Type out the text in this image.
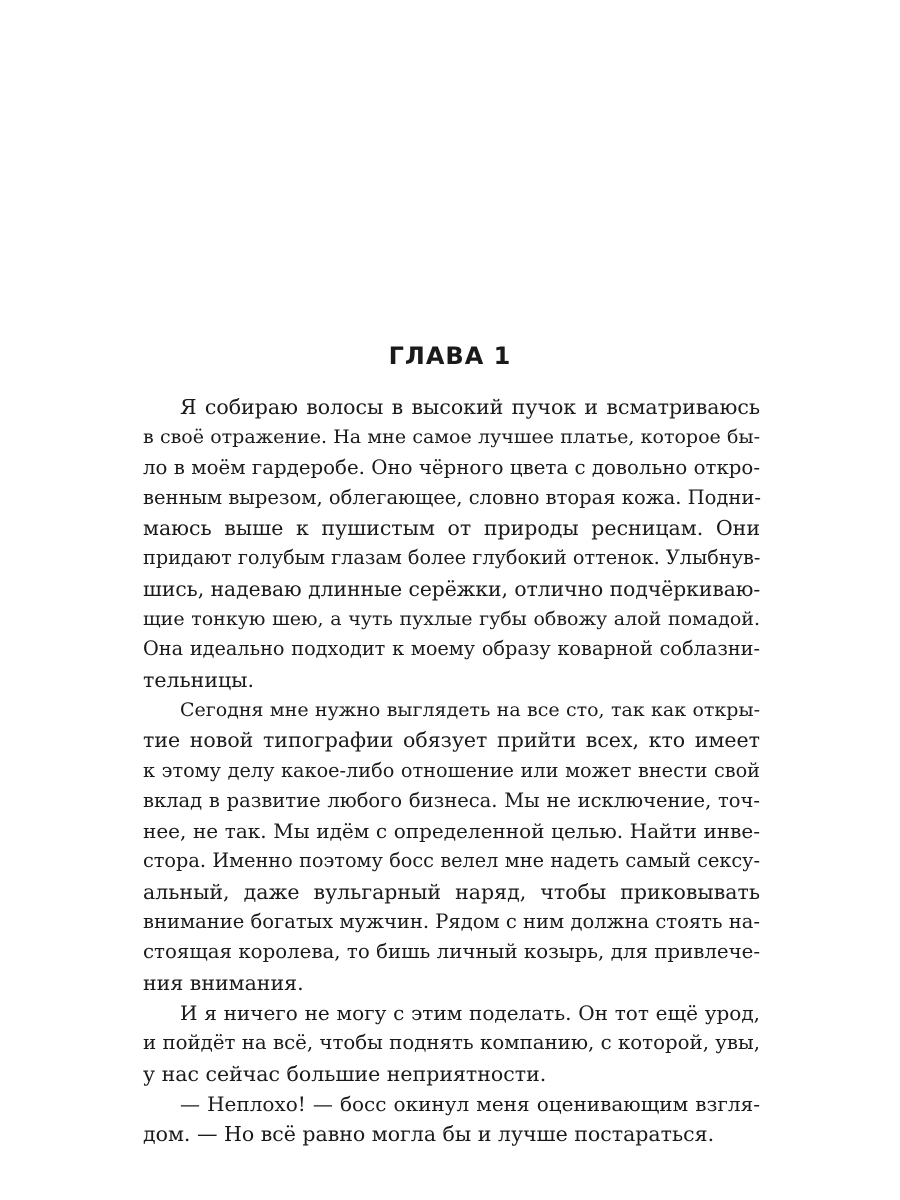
ГЛАВА 1
Я собираю волосы в высокий пучок и всматриваюсь
в своё отражение. На мне самое лучшее платье, которое бы-
ло в моём гардеробе. Оно чёрного цвета с довольно откро-
венным вырезом, облегающее, словно вторая кожа. Подни-
маюсь выше к пушистым от природы ресницам. Они
придают голубым глазам более глубокий оттенок. Улыбнув-
шись, надеваю длинные серёжки, отлично подчёркиваю-
щие тонкую шею, а чуть пухлые губы обвожу алой помадой.
Она идеально подходит к моему образу коварной соблазни-
тельницы.
Сегодня мне нужно выглядеть на все сто, так как откры-
тие новой типографии обязует прийти всех, кто имеет
к этому делу какое-либо отношение или может внести свой
вклад в развитие любого бизнеса. Мы не исключение, точ-
нее, не так. Мы идём с определенной целью. Найти инве-
стора. Именно поэтому босс велел мне надеть самый сексу-
альный, даже вульгарный наряд, чтобы приковывать
внимание богатых мужчин. Рядом с ним должна стоять на-
стоящая королева, то бишь личный козырь, для привлече-
ния внимания.
И я ничего не могу с этим поделать. Он тот ещё урод,
и пойдёт на всё, чтобы поднять компанию, с которой, увы,
у нас сейчас большие неприятности.
— Неплохо! — босс окинул меня оценивающим взгля-
дом. — Но всё равно могла бы и лучше постараться.
